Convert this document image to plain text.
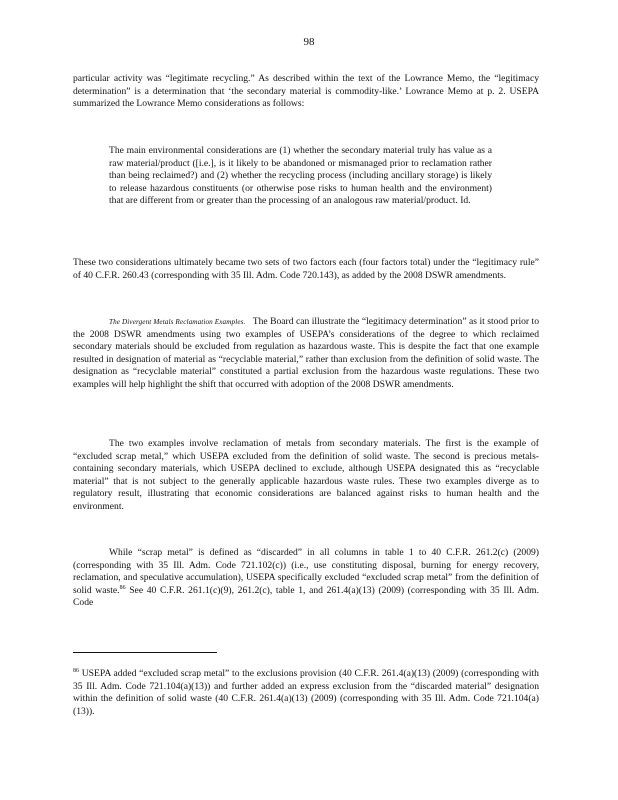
98

particular activity was “legitimate recycling.” As described within the text of the Lowrance Memo, the “legitimacy determination” is a determination that ‘the secondary material is commodity-like.’ Lowrance Memo at p. 2. USEPA summarized the Lowrance Memo considerations as follows:

The main environmental considerations are (1) whether the secondary material truly has value as a raw material/product ([i.e.], is it likely to be abandoned or mismanaged prior to reclamation rather than being reclaimed?) and (2) whether the recycling process (including ancillary storage) is likely to release hazardous constituents (or otherwise pose risks to human health and the environment) that are different from or greater than the processing of an analogous raw material/product. Id.

These two considerations ultimately became two sets of two factors each (four factors total) under the “legitimacy rule” of 40 C.F.R. 260.43 (corresponding with 35 Ill. Adm. Code 720.143), as added by the 2008 DSWR amendments.

The Divergent Metals Reclamation Examples. The Board can illustrate the “legitimacy determination” as it stood prior to the 2008 DSWR amendments using two examples of USEPA’s considerations of the degree to which reclaimed secondary materials should be excluded from regulation as hazardous waste. This is despite the fact that one example resulted in designation of material as “recyclable material,” rather than exclusion from the definition of solid waste. The designation as “recyclable material” constituted a partial exclusion from the hazardous waste regulations. These two examples will help highlight the shift that occurred with adoption of the 2008 DSWR amendments.

The two examples involve reclamation of metals from secondary materials. The first is the example of “excluded scrap metal,” which USEPA excluded from the definition of solid waste. The second is precious metals-containing secondary materials, which USEPA declined to exclude, although USEPA designated this as “recyclable material” that is not subject to the generally applicable hazardous waste rules. These two examples diverge as to regulatory result, illustrating that economic considerations are balanced against risks to human health and the environment.

While “scrap metal” is defined as “discarded” in all columns in table 1 to 40 C.F.R. 261.2(c) (2009) (corresponding with 35 Ill. Adm. Code 721.102(c)) (i.e., use constituting disposal, burning for energy recovery, reclamation, and speculative accumulation), USEPA specifically excluded “excluded scrap metal” from the definition of solid waste.$^{86}$ See 40 C.F.R. 261.1(c)(9), 261.2(c), table 1, and 261.4(a)(13) (2009) (corresponding with 35 Ill. Adm. Code

$^{86}$ USEPA added “excluded scrap metal” to the exclusions provision (40 C.F.R. 261.4(a)(13) (2009) (corresponding with 35 Ill. Adm. Code 721.104(a)(13)) and further added an express exclusion from the “discarded material” designation within the definition of solid waste (40 C.F.R. 261.4(a)(13) (2009) (corresponding with 35 Ill. Adm. Code 721.104(a)(13)).
